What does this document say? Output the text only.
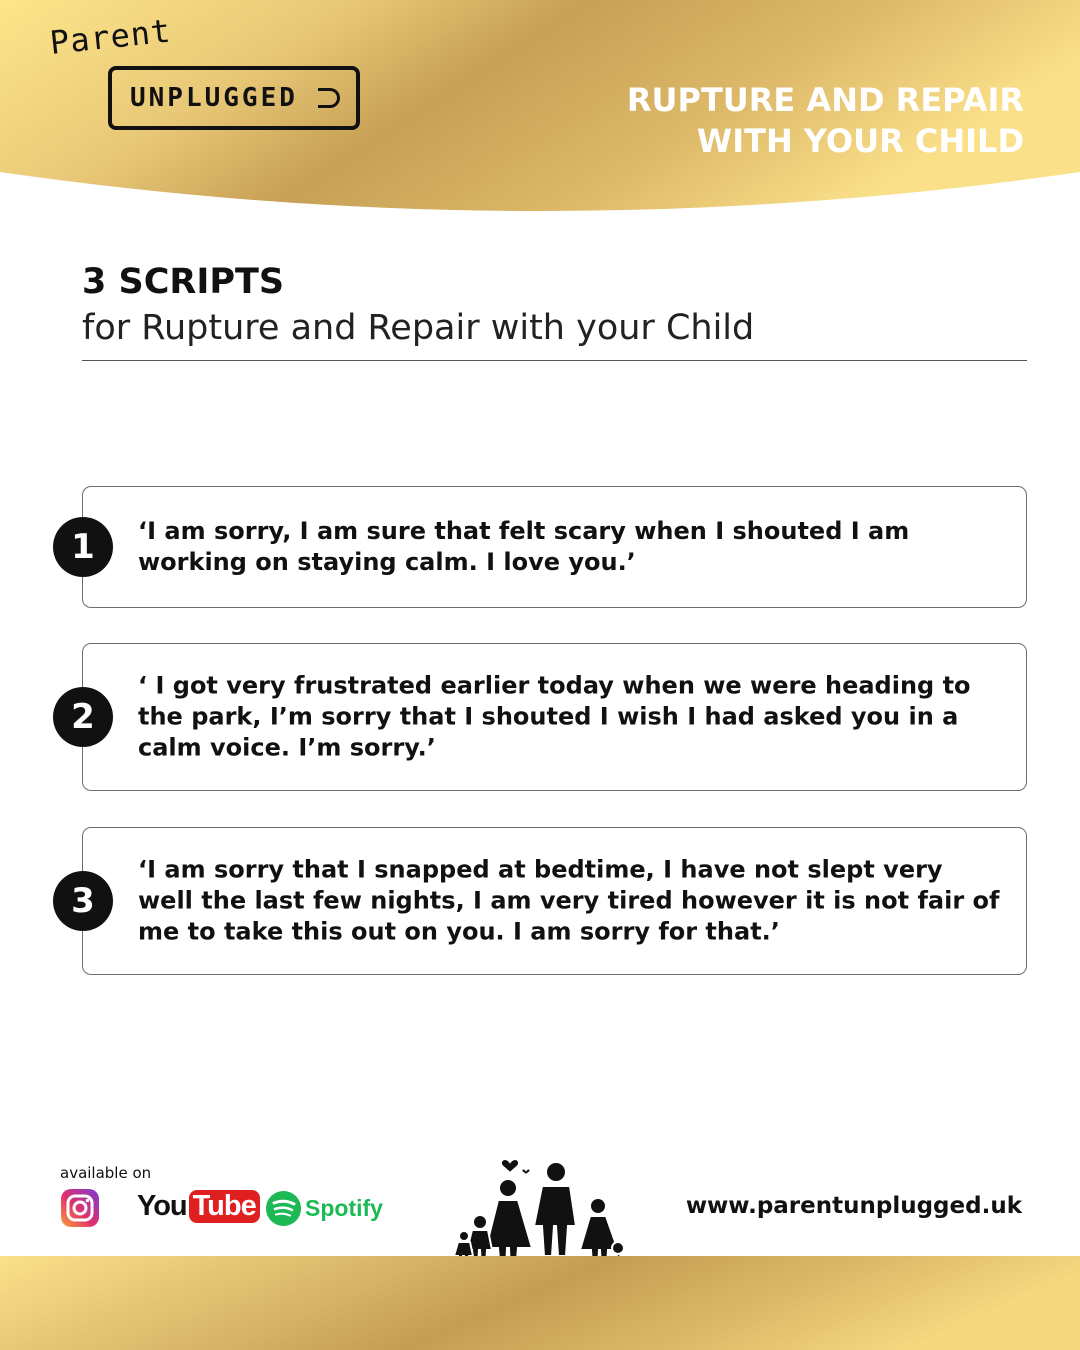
Parent
UNPLUGGED	RUPTURE AND REPAIR
WITH YOUR CHILD

3 SCRIPTS

for Rupture and Repair with your Child

1	‘I am sorry, I am sure that felt scary when I shouted I am working on staying calm. I love you.’

2

‘ I got very frustrated earlier today when we were heading to the park, I’m sorry that I shouted I wish I had asked you in a calm voice. I’m sorry.’

3

‘I am sorry that I snapped at bedtime, I have not slept very well the last few nights, I am very tired however it is not fair of me to take this out on you. I am sorry for that.’

available on
You Tube Spotify	www.parentunplugged.uk
